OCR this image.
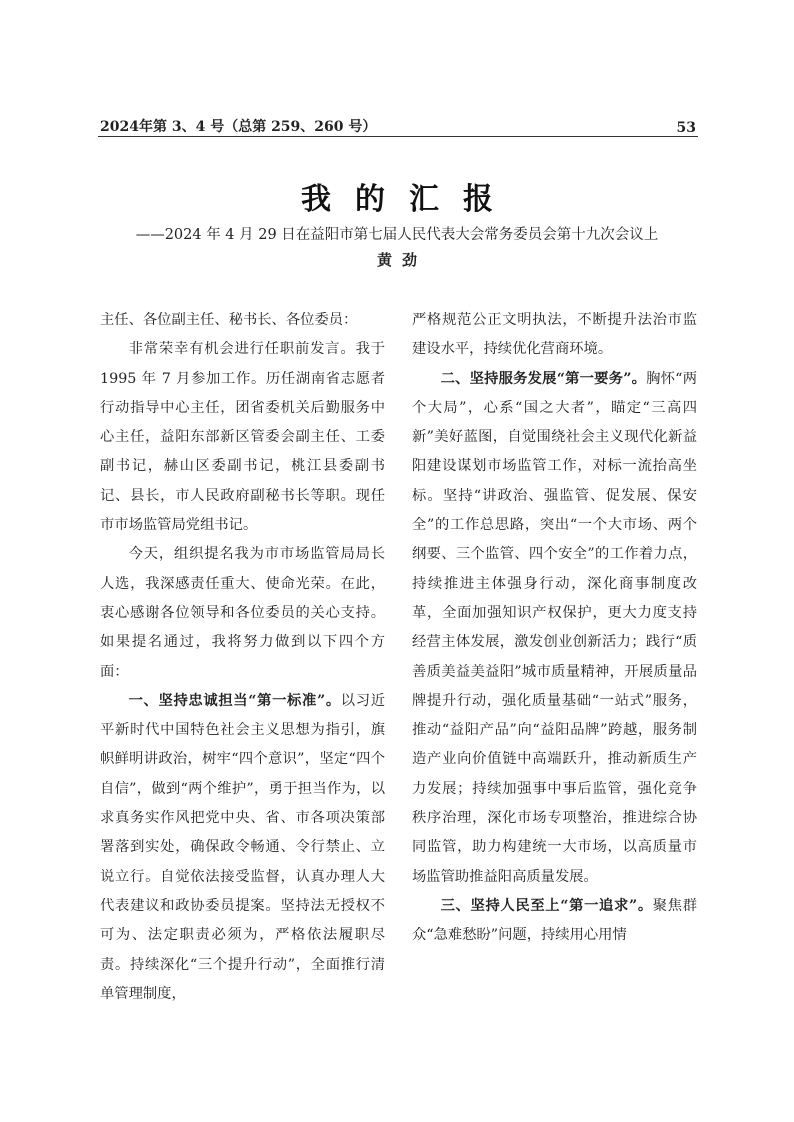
2024年第 3、4 号（总第 259、260 号）	53
我的汇报
——2024 年 4 月 29 日在益阳市第七届人民代表大会常务委员会第十九次会议上
黄劲

主任、各位副主任、秘书长、各位委员：

非常荣幸有机会进行任职前发言。我于 1995 年 7 月参加工作。历任湖南省志愿者行动指导中心主任，团省委机关后勤服务中心主任，益阳东部新区管委会副主任、工委副书记，赫山区委副书记，桃江县委副书记、县长，市人民政府副秘书长等职。现任市市场监管局党组书记。

今天，组织提名我为市市场监管局局长人选，我深感责任重大、使命光荣。在此，衷心感谢各位领导和各位委员的关心支持。如果提名通过，我将努力做到以下四个方面：

一、坚持忠诚担当“第一标准”。以习近平新时代中国特色社会主义思想为指引，旗帜鲜明讲政治，树牢“四个意识”，坚定“四个自信”，做到“两个维护”，勇于担当作为，以求真务实作风把党中央、省、市各项决策部署落到实处，确保政令畅通、令行禁止、立说立行。自觉依法接受监督，认真办理人大代表建议和政协委员提案。坚持法无授权不可为、法定职责必须为，严格依法履职尽责。持续深化“三个提升行动”，全面推行清单管理制度，

严格规范公正文明执法，不断提升法治市监建设水平，持续优化营商环境。

二、坚持服务发展“第一要务”。胸怀“两个大局”，心系“国之大者”，瞄定“三高四新”美好蓝图，自觉围绕社会主义现代化新益阳建设谋划市场监管工作，对标一流抬高坐标。坚持“讲政治、强监管、促发展、保安全”的工作总思路，突出“一个大市场、两个纲要、三个监管、四个安全”的工作着力点，持续推进主体强身行动，深化商事制度改革，全面加强知识产权保护，更大力度支持经营主体发展，激发创业创新活力；践行“质善质美益美益阳”城市质量精神，开展质量品牌提升行动，强化质量基础“一站式”服务，推动“益阳产品”向“益阳品牌”跨越，服务制造产业向价值链中高端跃升，推动新质生产力发展；持续加强事中事后监管，强化竞争秩序治理，深化市场专项整治，推进综合协同监管，助力构建统一大市场，以高质量市场监管助推益阳高质量发展。

三、坚持人民至上“第一追求”。聚焦群众“急难愁盼”问题，持续用心用情
